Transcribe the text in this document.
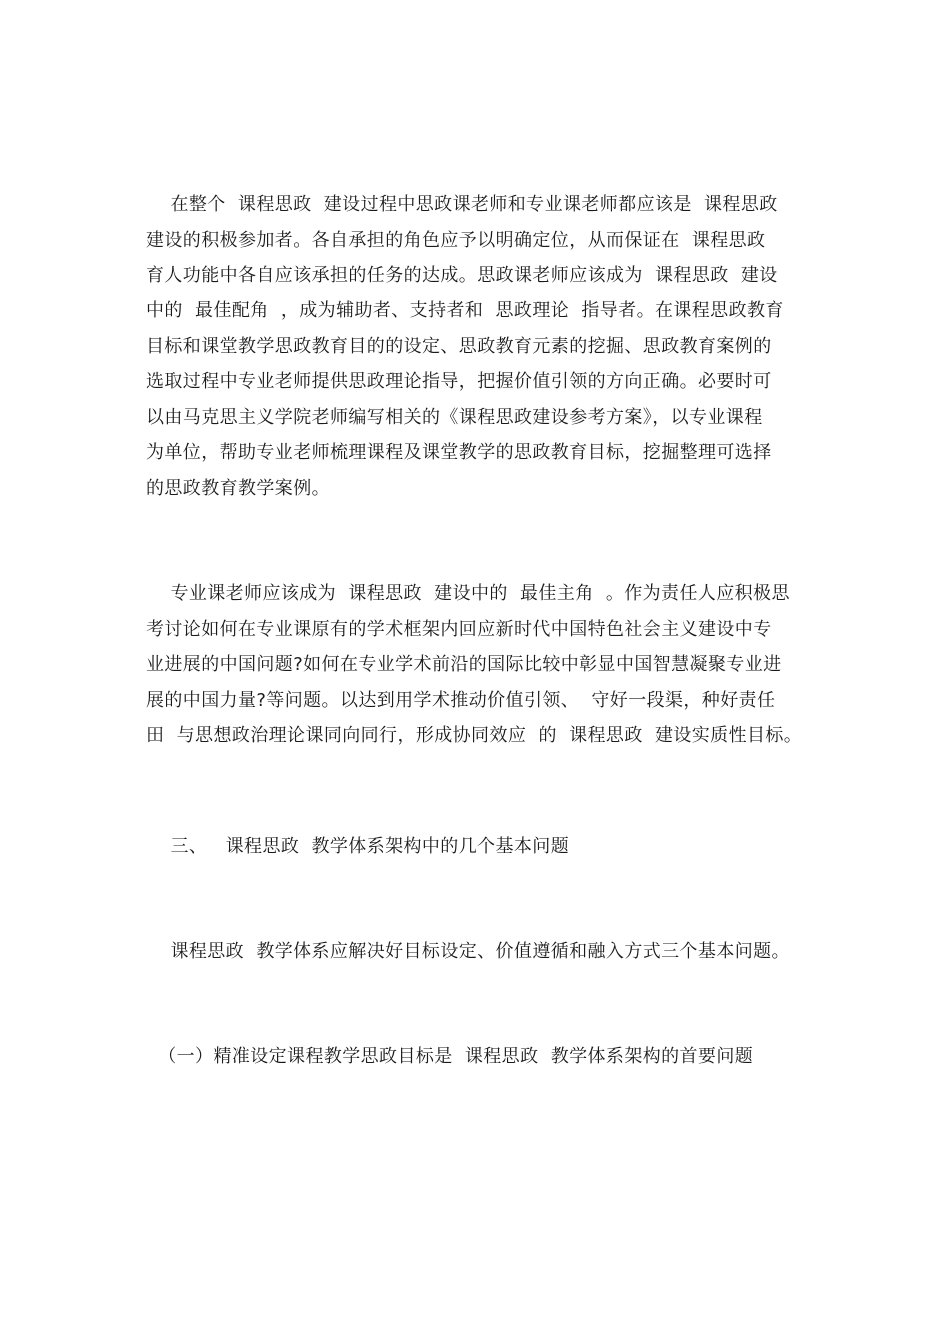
在整个  课程思政  建设过程中思政课老师和专业课老师都应该是  课程思政
建设的积极参加者。各自承担的角色应予以明确定位，从而保证在  课程思政
育人功能中各自应该承担的任务的达成。思政课老师应该成为  课程思政  建设
中的  最佳配角  ，成为辅助者、支持者和  思政理论  指导者。在课程思政教育
目标和课堂教学思政教育目的的设定、思政教育元素的挖掘、思政教育案例的
选取过程中专业老师提供思政理论指导，把握价值引领的方向正确。必要时可
以由马克思主义学院老师编写相关的《课程思政建设参考方案》，以专业课程
为单位，帮助专业老师梳理课程及课堂教学的思政教育目标，挖掘整理可选择
的思政教育教学案例。
专业课老师应该成为  课程思政  建设中的  最佳主角  。作为责任人应积极思
考讨论如何在专业课原有的学术框架内回应新时代中国特色社会主义建设中专
业进展的中国问题?如何在专业学术前沿的国际比较中彰显中国智慧凝聚专业进
展的中国力量?等问题。以达到用学术推动价值引领、  守好一段渠，种好责任
田  与思想政治理论课同向同行，形成协同效应  的  课程思政  建设实质性目标。
三、   课程思政  教学体系架构中的几个基本问题
课程思政  教学体系应解决好目标设定、价值遵循和融入方式三个基本问题。
（一）精准设定课程教学思政目标是  课程思政  教学体系架构的首要问题
